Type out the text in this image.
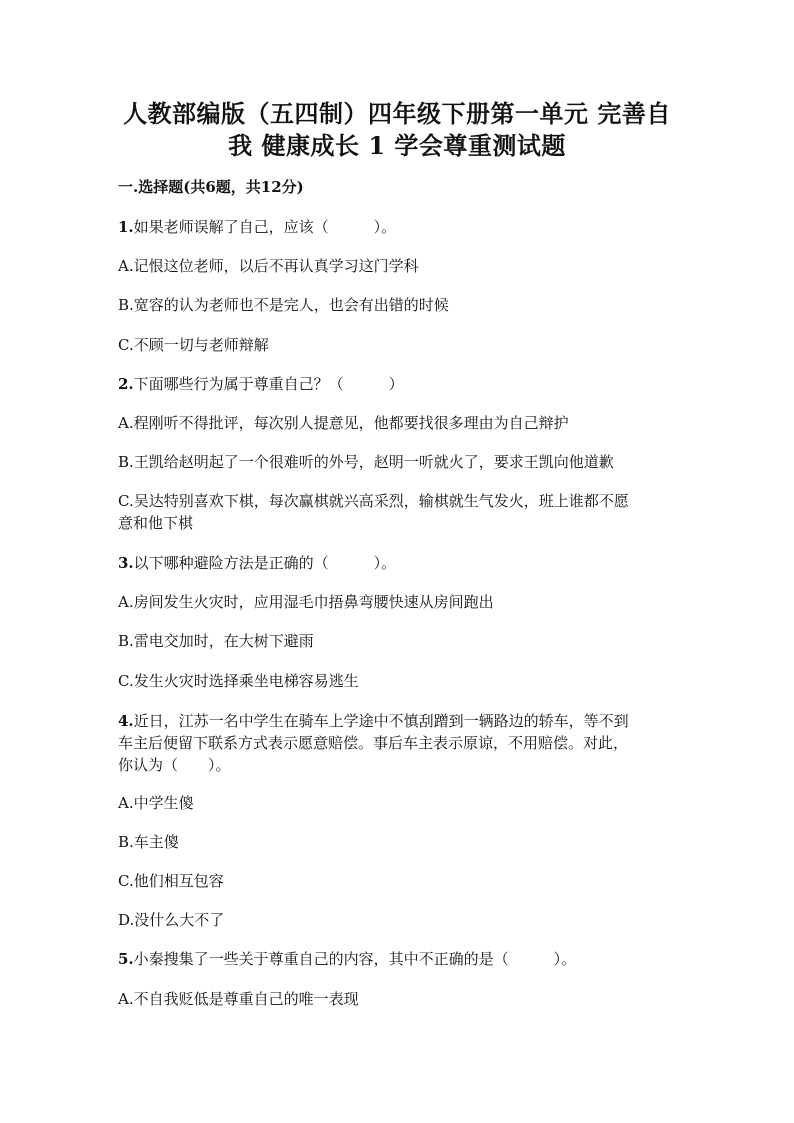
人教部编版（五四制）四年级下册第一单元 完善自
我 健康成长 1 学会尊重测试题
一.选择题(共6题，共12分)
1.如果老师误解了自己，应该（　　　）。
A.记恨这位老师，以后不再认真学习这门学科
B.宽容的认为老师也不是完人，也会有出错的时候
C.不顾一切与老师辩解
2.下面哪些行为属于尊重自己？（　　　）
A.程刚听不得批评，每次别人提意见，他都要找很多理由为自己辩护
B.王凯给赵明起了一个很难听的外号，赵明一听就火了，要求王凯向他道歉
C.吴达特别喜欢下棋，每次赢棋就兴高采烈，输棋就生气发火，班上谁都不愿
意和他下棋
3.以下哪种避险方法是正确的（　　　）。
A.房间发生火灾时，应用湿毛巾捂鼻弯腰快速从房间跑出
B.雷电交加时，在大树下避雨
C.发生火灾时选择乘坐电梯容易逃生
4.近日，江苏一名中学生在骑车上学途中不慎刮蹭到一辆路边的轿车，等不到
车主后便留下联系方式表示愿意赔偿。事后车主表示原谅，不用赔偿。对此，
你认为（　　）。
A.中学生傻
B.车主傻
C.他们相互包容
D.没什么大不了
5.小秦搜集了一些关于尊重自己的内容，其中不正确的是（　　　）。
A.不自我贬低是尊重自己的唯一表现
